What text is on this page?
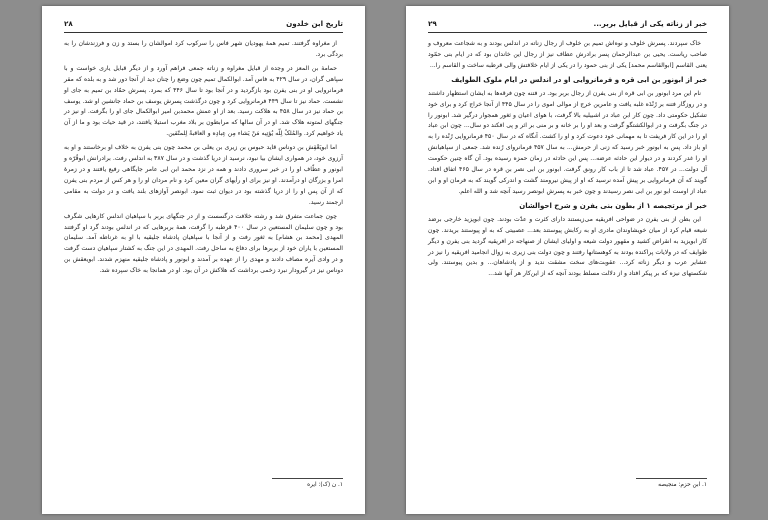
تاریخ ابن خلدون
۲۸

از مغراوه گرفتند. تمیم همهٔ یهودیان شهر فاس را سرکوب کرد اموالشان را بستد و زن و فرزندشان را به بردگی برد.

حمامهٔ بن المعز در وجده از قبایل مغراوه و زناته جمعی فراهم آورد و از دیگر قبایل یاری خواست و با سپاهی گران، در سال ۴۲۹ به فاس آمد. ابوالکمال تمیم چون وضع را چنان دید از آنجا دور شد و به بلده که مقر فرمانروایی او در بنی یفرن بود بازگردید و در آنجا بود تا سال ۴۴۶ که بمرد. پسرش حمّاد بن تمیم به جای او نشست. حماد نیز تا سال ۴۴۹ فرمانروایی کرد و چون درگذشت پسرش یوسف بن حماد جانشین او شد. یوسف بن حماد نیز در سال ۴۵۸ به هلاکت رسید. بعد از او عمش محمدبن امیر ابوالکمال جای او را بگرفت. او نیز در جنگهای لمتونه هلاک شد. او در آن سالها که مرابطون بر بلاد مغرب استیلا یافتند، در قید حیات بود و ما از آن یاد خواهیم کرد. والمُلکُ لِلّه یُؤتِیه مَنْ یَشاء مِن عِبادِه و العاقبةُ لِلمتّقین.

اما ابویَعْقِش بن دوناس قاید حبوس بن زیری بن یعلی بن محمد چون بنی یفرن به خلاف او برخاستند و او به آرزوی خود، در همواری ایشان بیا نبود، نرسید از دریا گذشت و در سال ۳۸۷ به اندلس رفت. برادرانش ابوقُرّه و ابونور و عطّاف او را در خیر سروری دادند و همه در نزد محمد ابن ابی عامر جایگاهی رفیع یافتند و در زمرهٔ امرا و بزرگان او درآمدند. او نیز برای او رأیهای گران معین کرد و نام مردان او را و هر کس از مردم بنی یفرن که از آن پس او را از دریا گذشته بود در دیوان ثبت نمود. ابونصر آوازهای بلند یافت و در دولت به مقامی ارجمند رسید.

چون جماعت متفرق شد و رشته خلافت درگسست و از در جنگهای بربر با سپاهیان اندلس کارهایی شگرف بود و چون سلیمان المستعین در سال ۴۰۰ قرطبه را گرفت، همهٔ بربرهایی که در اندلس بودند گرد او گرفتند المهدی [محمد بن هشام] به ثغور رفت و از آنجا با سپاهیان پادشاه جلیقیه با او به غرناطه آمد. سلیمان المستعین با یاران خود از بربرها برای دفاع به ساحل رفت. المهدی در این جنگ به کشتار سپاهیان دست گرفت و در وادی آیره مصاف دادند و مهدی را از عهده بر آمدند و ابونور و پادشاه جلیقیه منهزم شدند. ابویعقش بن دوناس نیز در گیرودار نبرد زخمی برداشت که هلاکش در آن بود. او در همانجا به خاک سپرده شد.

۱. ن (ک): ایره
خبر از زناته یکی از قبایل بربر...
۲۹

خاک سپردند. پسرش خلوف و نوه‌اش تمیم بن خلوف از رجال زناته در اندلس بودند و به شجاعت معروف و صاحب ریاست. یحیی بن عبدالرحمان پسر برادرش عطاف نیز از رجال این خاندان بود که در ایام بنی حمّود یعنی القاسم [ابوالقاسم محمد] یکی از بنی حمود را در یکی از ایام خلافتش والی قرطبه ساخت و القاسم را...

خبر از ابونور بن ابی قره و فرمانروایی او در اندلس در ایام ملوک الطوایف

نام این مرد ابونور بن ابی قره از بنی یفرن از رجال بربر بود. در فتنه چون فرقه‌ها به ایشان استظهار داشتند و در روزگار فتنه بر رُنْدَه غلبه یافت و عامرین خرج از موالی اموی را در سال ۴۴۵ از آنجا خراج کرد و برای خود تشکیل حکومتی داد. چون کار ابن عباد در اشبیلیه بالا گرفت، با هوای اعیان و ثغور همجوار درگیر شد. ابونور را در جنگ بگرفت و در ابوالکشتگو گرفت و بعد او را بر خانه و بر منی بر اثر و پی افکند دو سال... چون ابن عباد او را در این کار فریفت تا به مهمانی خود دعوت کرد و او را کشت. آنگاه که در سال ۴۵۰ فرمانروایی رُنْده را به او باز داد. پس به ابونور خبر رسید که زنی از حرمش... به سال ۴۵۷ فرمانروای رُنده شد. جمعی از سپاهیانش او را غدر کردند و در دیوار این حادثه عرضه... پس این حادثه در زمان حمزه رسیده بود. آن گاه چنین حکومت آل دولت... در ۴۵۷. عباد شد تا از باب کار رونق گرفت. ابونور بن ابی نصر بن قره در سال ۴۶۵ اتفاق افتاد. گویند که آن فرمانروایی بر پیش آمده نرسید که او از پیش نیرومند گشت و اندرکی گویند که به فرمان او و ابن عباد از اوست ابو نور بن ابی نصر رسیدند و چون خبر به پسرش ابونصر رسید آنچه شد و الله اعلم.

خبر از مرتجیصه ۱ از بطون بنی یفرن و شرح احوالشان

این بطن از بنی یفرن در ضواحی افریقیه می‌زیستند دارای کثرت و عدّت بودند. چون ابویزید خارجی برضد شیعه قیام کرد از میان خویشاوندان مادری او به رکابش پیوستند بعد... عصبیتی که به او پیوستند بریدند. چون کار ابویزید به انقراض کشید و مقهور دولت شیعه و اولیای ایشان از صنهاجه در افریقیه گردید بنی یفرن و دیگر طوایف که در ولایات پراکنده بودند به کوهستانها رفتند و چون دولت بنی زیری به زوال انجامید افریقیه را نیز در عشایر عرب و دیگر زناته کرد... عقوبت‌های سخت مشقت ندید و از پادشاهان... و بدین پیوستند. ولی شکستهای نیزه که بر پیکر افتاد و از دلالت مسلط بودند آنچه که از این‌کار هر آنها شد...

۱. ابن حزم: منجیصه
